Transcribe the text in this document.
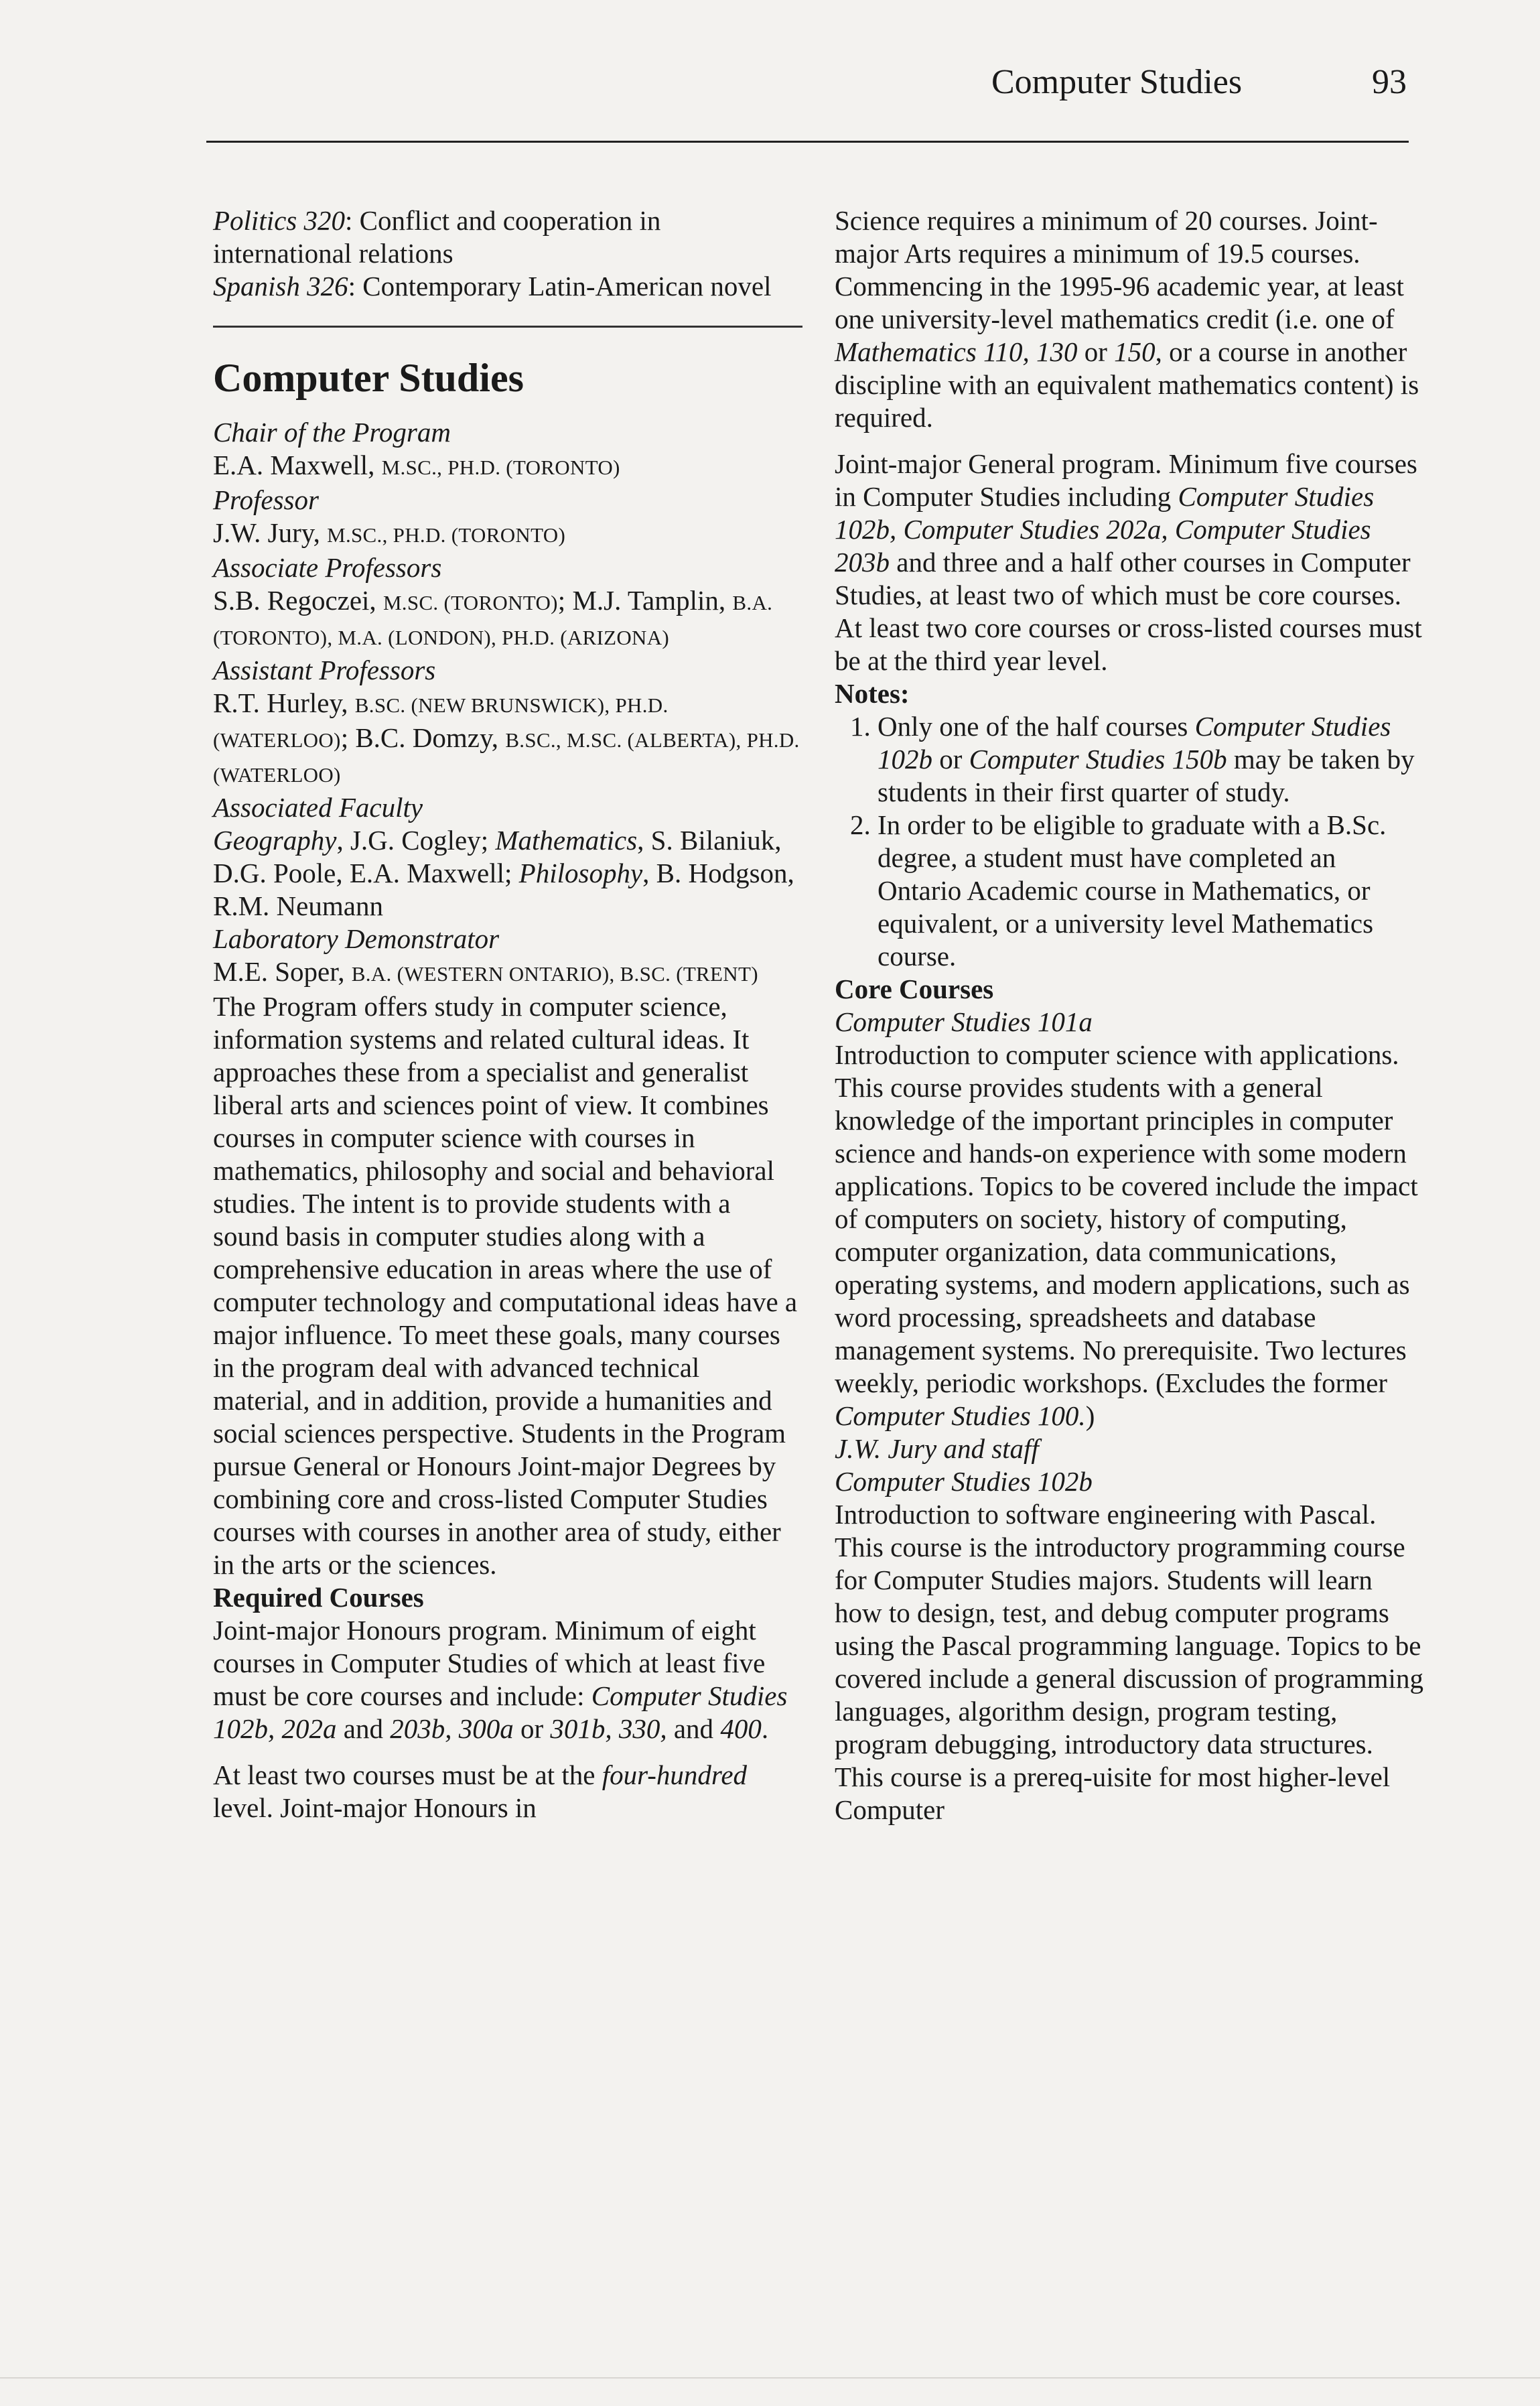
Computer Studies	93

Politics 320: Conflict and cooperation in international relations

Spanish 326: Contemporary Latin-American novel

Computer Studies

Chair of the Program

E.A. Maxwell, M.SC., PH.D. (TORONTO)

Professor

J.W. Jury, M.SC., PH.D. (TORONTO)

Associate Professors

S.B. Regoczei, M.SC. (TORONTO); M.J. Tamplin, B.A. (TORONTO), M.A. (LONDON), PH.D. (ARIZONA)

Assistant Professors

R.T. Hurley, B.SC. (NEW BRUNSWICK), PH.D. (WATERLOO); B.C. Domzy, B.SC., M.SC. (ALBERTA), PH.D. (WATERLOO)

Associated Faculty

Geography, J.G. Cogley; Mathematics, S. Bilaniuk, D.G. Poole, E.A. Maxwell; Philosophy, B. Hodgson, R.M. Neumann

Laboratory Demonstrator

M.E. Soper, B.A. (WESTERN ONTARIO), B.SC. (TRENT)

The Program offers study in computer science, information systems and related cultural ideas. It approaches these from a specialist and generalist liberal arts and sciences point of view. It combines courses in computer science with courses in mathematics, philosophy and social and behavioral studies. The intent is to provide students with a sound basis in computer studies along with a comprehensive education in areas where the use of computer technology and computational ideas have a major influence. To meet these goals, many courses in the program deal with advanced technical material, and in addition, provide a humanities and social sciences perspective. Students in the Program pursue General or Honours Joint-major Degrees by combining core and cross-listed Computer Studies courses with courses in another area of study, either in the arts or the sciences.

Required Courses

Joint-major Honours program. Minimum of eight courses in Computer Studies of which at least five must be core courses and include: Computer Studies 102b, 202a and 203b, 300a or 301b, 330, and 400.

At least two courses must be at the four-hundred level. Joint-major Honours in

Science requires a minimum of 20 courses. Joint-major Arts requires a minimum of 19.5 courses. Commencing in the 1995-96 academic year, at least one university-level mathematics credit (i.e. one of Mathematics 110, 130 or 150, or a course in another discipline with an equivalent mathematics content) is required.

Joint-major General program. Minimum five courses in Computer Studies including Computer Studies 102b, Computer Studies 202a, Computer Studies 203b and three and a half other courses in Computer Studies, at least two of which must be core courses. At least two core courses or cross-listed courses must be at the third year level.

Notes:

1. Only one of the half courses Computer Studies 102b or Computer Studies 150b may be taken by students in their first quarter of study.
2. In order to be eligible to graduate with a B.Sc. degree, a student must have completed an Ontario Academic course in Mathematics, or equivalent, or a university level Mathematics course.

Core Courses

Computer Studies 101a

Introduction to computer science with applications. This course provides students with a general knowledge of the important principles in computer science and hands-on experience with some modern applications. Topics to be covered include the impact of computers on society, history of computing, computer organization, data communications, operating systems, and modern applications, such as word processing, spreadsheets and database management systems. No prerequisite. Two lectures weekly, periodic workshops. (Excludes the former Computer Studies 100.)

J.W. Jury and staff

Computer Studies 102b

Introduction to software engineering with Pascal. This course is the introductory programming course for Computer Studies majors. Students will learn how to design, test, and debug computer programs using the Pascal programming language. Topics to be covered include a general discussion of programming languages, algorithm design, program testing, program debugging, introductory data structures. This course is a prereq-uisite for most higher-level Computer
